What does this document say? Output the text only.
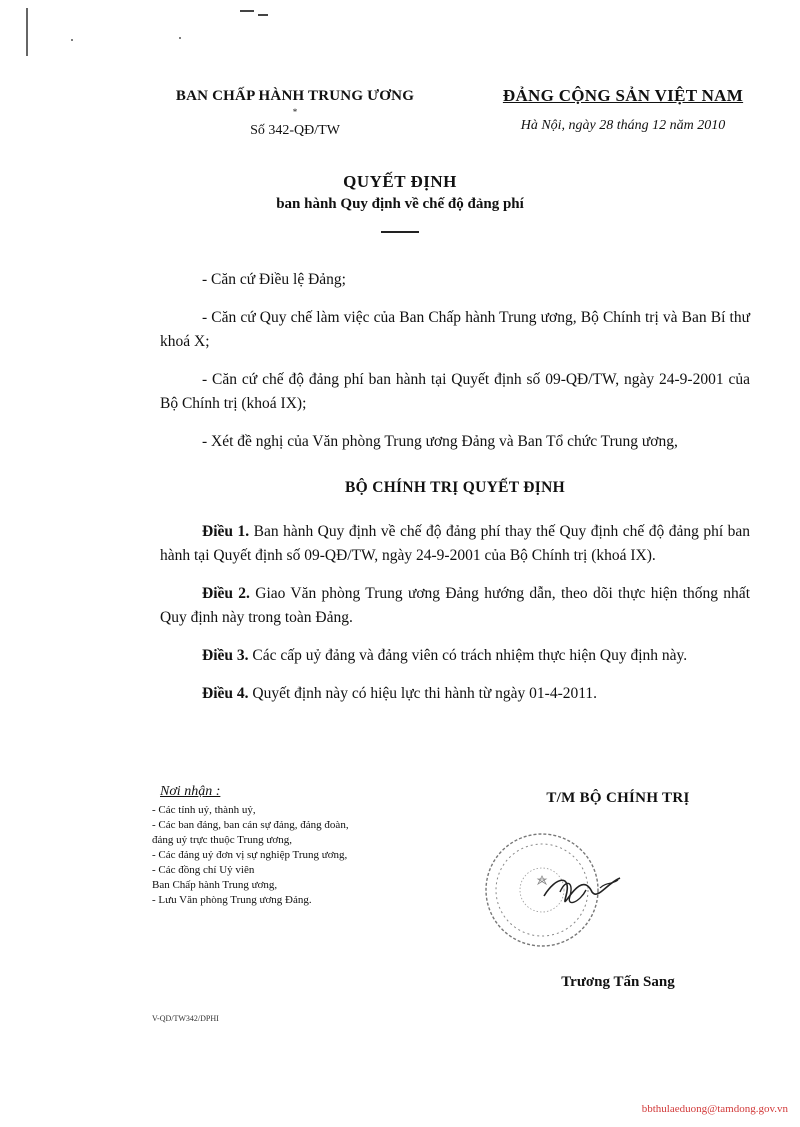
BAN CHẤP HÀNH TRUNG ƯƠNG
*
Số 342-QĐ/TW
ĐẢNG CỘNG SẢN VIỆT NAM
Hà Nội, ngày 28 tháng 12 năm 2010
QUYẾT ĐỊNH
ban hành Quy định về chế độ đảng phí

- Căn cứ Điều lệ Đảng;

- Căn cứ Quy chế làm việc của Ban Chấp hành Trung ương, Bộ Chính trị và Ban Bí thư khoá X;

- Căn cứ chế độ đảng phí ban hành tại Quyết định số 09-QĐ/TW, ngày 24-9-2001 của Bộ Chính trị (khoá IX);

- Xét đề nghị của Văn phòng Trung ương Đảng và Ban Tổ chức Trung ương,

BỘ CHÍNH TRỊ QUYẾT ĐỊNH

Điều 1. Ban hành Quy định về chế độ đảng phí thay thế Quy định chế độ đảng phí ban hành tại Quyết định số 09-QĐ/TW, ngày 24-9-2001 của Bộ Chính trị (khoá IX).

Điều 2. Giao Văn phòng Trung ương Đảng hướng dẫn, theo dõi thực hiện thống nhất Quy định này trong toàn Đảng.

Điều 3. Các cấp uỷ đảng và đảng viên có trách nhiệm thực hiện Quy định này.

Điều 4. Quyết định này có hiệu lực thi hành từ ngày 01-4-2011.

Nơi nhận :
- Các tỉnh uỷ, thành uỷ,
- Các ban đảng, ban cán sự đảng, đảng đoàn,
đảng uỷ trực thuộc Trung ương,
- Các đảng uỷ đơn vị sự nghiệp Trung ương,
- Các đồng chí Uỷ viên
Ban Chấp hành Trung ương,
- Lưu Văn phòng Trung ương Đảng.
T/M BỘ CHÍNH TRỊ
Trương Tấn Sang
V-QD/TW342/DPHI
bbthulaeduong@tamdong.gov.vn
